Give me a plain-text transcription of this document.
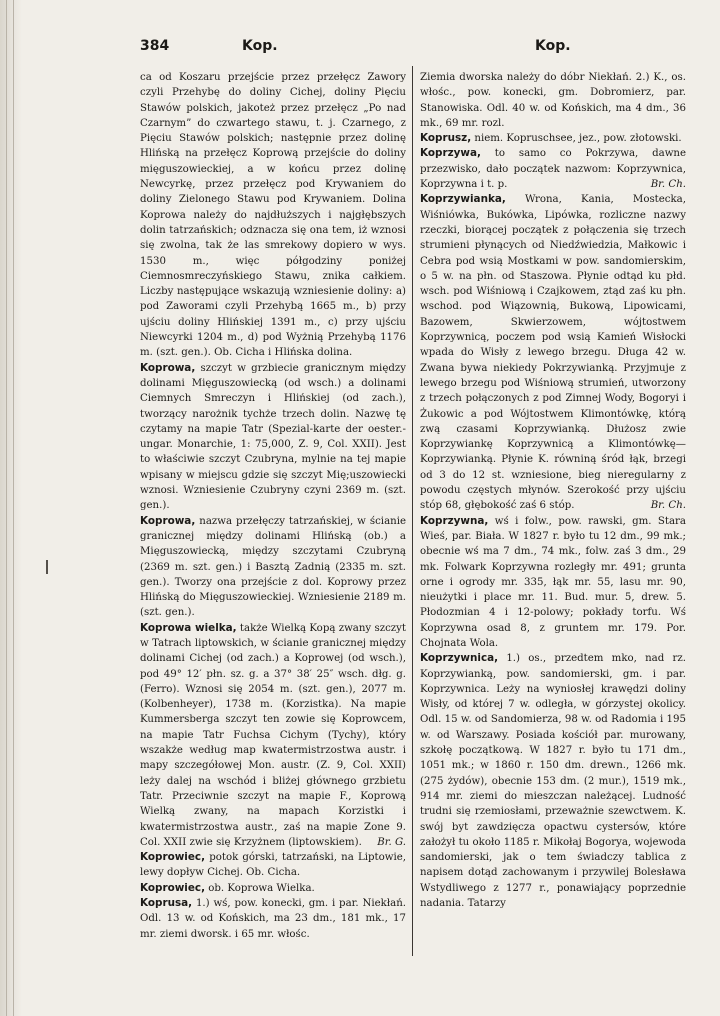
384	Kop.	Kop.

ca od Koszaru przejście przez przełęcz Zawory czyli Przehybę do doliny Cichej, doliny Pięciu Stawów polskich, jakoteż przez przełęcz „Po nad Czarnym” do czwartego stawu, t. j. Czarnego, z Pięciu Stawów polskich; następnie przez dolinę Hlińską na przełęcz Koprową przejście do doliny mięguszowieckiej, a w końcu przez dolinę Newcyrkę, przez przełęcz pod Krywaniem do doliny Zielonego Stawu pod Krywaniem. Dolina Koprowa należy do najdłuższych i najgłębszych dolin tatrzańskich; odznacza się ona tem, iż wznosi się zwolna, tak że las smrekowy dopiero w wys. 1530 m., więc półgodziny poniżej Ciemnosmreczyńskiego Stawu, znika całkiem. Liczby następujące wskazują wzniesienie doliny: a) pod Zaworami czyli Przehybą 1665 m., b) przy ujściu doliny Hlińskiej 1391 m., c) przy ujściu Niewcyrki 1204 m., d) pod Wyżnią Przehybą 1176 m. (szt. gen.). Ob. Cicha i Hlińska dolina.

Koprowa, szczyt w grzbiecie granicznym między dolinami Mięguszowiecką (od wsch.) a dolinami Ciemnych Smreczyn i Hlińskiej (od zach.), tworzący narożnik tychże trzech dolin. Nazwę tę czytamy na mapie Tatr (Spezial-karte der oester.-ungar. Monarchie, 1: 75,000, Z. 9, Col. XXII). Jest to właściwie szczyt Czubryna, mylnie na tej mapie wpisany w miejscu gdzie się szczyt Mię;uszowiecki wznosi. Wzniesienie Czubryny czyni 2369 m. (szt. gen.).

Koprowa, nazwa przełęczy tatrzańskiej, w ścianie granicznej między dolinami Hlińską (ob.) a Mięguszowiecką, między szczytami Czubryną (2369 m. szt. gen.) i Basztą Zadnią (2335 m. szt. gen.). Tworzy ona przejście z dol. Koprowy przez Hlińską do Mięguszowieckiej. Wzniesienie 2189 m. (szt. gen.).

Koprowa wielka, także Wielką Kopą zwany szczyt w Tatrach liptowskich, w ścianie granicznej między dolinami Cichej (od zach.) a Koprowej (od wsch.), pod 49° 12′ płn. sz. g. a 37° 38′ 25″ wsch. dłg. g. (Ferro). Wznosi się 2054 m. (szt. gen.), 2077 m. (Kolbenheyer), 1738 m. (Korzistka). Na mapie Kummersberga szczyt ten zowie się Koprowcem, na mapie Tatr Fuchsa Cichym (Tychy), który wszakże według map kwatermistrzostwa austr. i mapy szczegółowej Mon. austr. (Z. 9, Col. XXII) leży dalej na wschód i bliżej głównego grzbietu Tatr. Przeciwnie szczyt na mapie F., Koprową Wielką zwany, na mapach Korzistki i kwatermistrzostwa austr., zaś na mapie Zone 9. Col. XXII zwie się Krzyżnem (liptowskiem).	Br. G.

Koprowiec, potok górski, tatrzański, na Liptowie, lewy dopływ Cichej. Ob. Cicha.

Koprowiec, ob. Koprowa Wielka.

Koprusa, 1.) wś, pow. konecki, gm. i par. Niekłań. Odl. 13 w. od Końskich, ma 23 dm., 181 mk., 17 mr. ziemi dworsk. i 65 mr. włośc.

Ziemia dworska należy do dóbr Niekłań. 2.) K., os. włośc., pow. konecki, gm. Dobromierz, par. Stanowiska. Odl. 40 w. od Końskich, ma 4 dm., 36 mk., 69 mr. rozl.

Koprusz, niem. Kopruschsee, jez., pow. złotowski.

Koprzywa, to samo co Pokrzywa, dawne przezwisko, dało początek nazwom: Koprzywnica, Koprzywna i t. p.	Br. Ch.

Koprzywianka, Wrona, Kania, Mostecka, Wiśniówka, Bukówka, Lipówka, rozliczne nazwy rzeczki, biorącej początek z połączenia się trzech strumieni płynących od Niedźwiedzia, Małkowic i Cebra pod wsią Mostkami w pow. sandomierskim, o 5 w. na płn. od Staszowa. Płynie odtąd ku płd. wsch. pod Wiśniową i Czajkowem, ztąd zaś ku płn. wschod. pod Wiązownią, Bukową, Lipowicami, Bazowem, Skwierzowem, wójtostwem Koprzywnicą, poczem pod wsią Kamień Wisłocki wpada do Wisły z lewego brzegu. Długa 42 w. Zwana bywa niekiedy Pokrzywianką. Przyjmuje z lewego brzegu pod Wiśniową strumień, utworzony z trzech połączonych z pod Zimnej Wody, Bogoryi i Żukowic a pod Wójtostwem Klimontówkę, którą zwą czasami Koprzywianką. Dłużosz zwie Koprzywiankę Koprzywnicą a Klimontówkę—Koprzywianką. Płynie K. równiną śród łąk, brzegi od 3 do 12 st. wzniesione, bieg nieregularny z powodu częstych młynów. Szerokość przy ujściu stóp 68, głębokość zaś 6 stóp.	Br. Ch.

Koprzywna, wś i folw., pow. rawski, gm. Stara Wieś, par. Biała. W 1827 r. było tu 12 dm., 99 mk.; obecnie wś ma 7 dm., 74 mk., folw. zaś 3 dm., 29 mk. Folwark Koprzywna rozległy mr. 491; grunta orne i ogrody mr. 335, łąk mr. 55, lasu mr. 90, nieużytki i place mr. 11. Bud. mur. 5, drew. 5. Płodozmian 4 i 12-polowy; pokłady torfu. Wś Koprzywna osad 8, z gruntem mr. 179. Por. Chojnata Wola.

Koprzywnica, 1.) os., przedtem mko, nad rz. Koprzywianką, pow. sandomierski, gm. i par. Koprzywnica. Leży na wyniosłej krawędzi doliny Wisły, od której 7 w. odległa, w górzystej okolicy. Odl. 15 w. od Sandomierza, 98 w. od Radomia i 195 w. od Warszawy. Posiada kościół par. murowany, szkołę początkową. W 1827 r. było tu 171 dm., 1051 mk.; w 1860 r. 150 dm. drewn., 1266 mk. (275 żydów), obecnie 153 dm. (2 mur.), 1519 mk., 914 mr. ziemi do mieszczan należącej. Ludność trudni się rzemiosłami, przeważnie szewctwem. K. swój byt zawdzięcza opactwu cystersów, które założył tu około 1185 r. Mikołaj Bogorya, wojewoda sandomierski, jak o tem świadczy tablica z napisem dotąd zachowanym i przywilej Bolesława Wstydliwego z 1277 r., ponawiający poprzednie nadania. Tatarzy
